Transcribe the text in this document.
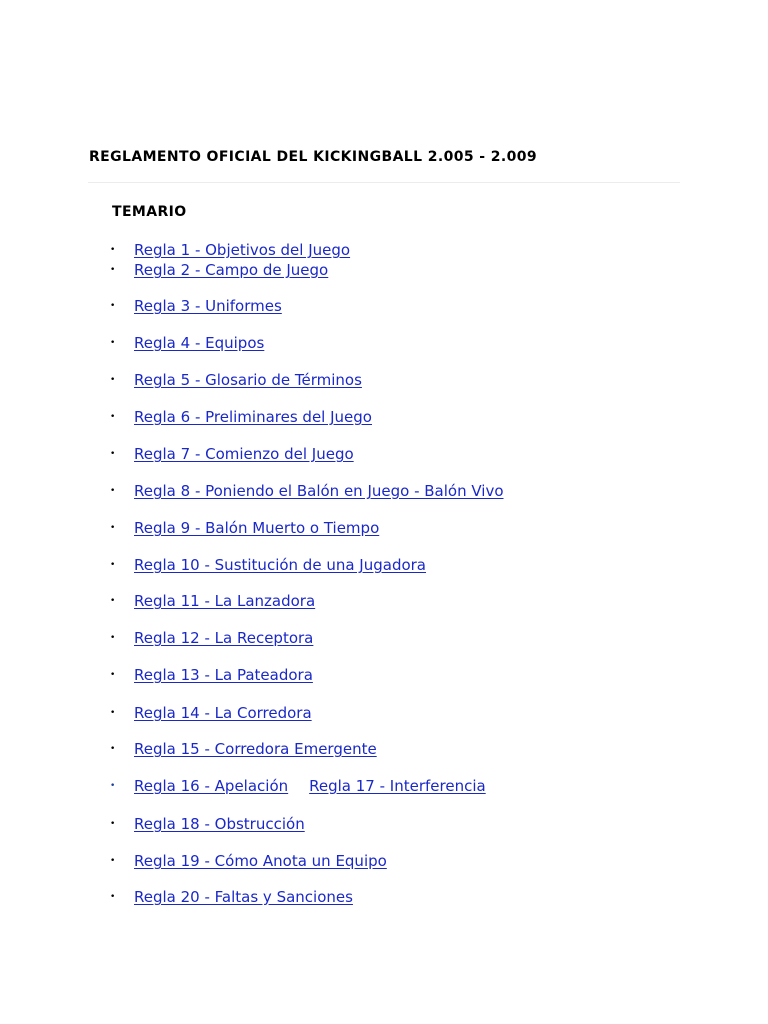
REGLAMENTO OFICIAL DEL KICKINGBALL 2.005 - 2.009
TEMARIO
• Regla 1 - Objetivos del Juego
• Regla 2 - Campo de Juego
• Regla 3 - Uniformes
• Regla 4 - Equipos
• Regla 5 - Glosario de Términos
• Regla 6 - Preliminares del Juego
• Regla 7 - Comienzo del Juego
• Regla 8 - Poniendo el Balón en Juego - Balón Vivo
• Regla 9 - Balón Muerto o Tiempo
• Regla 10 - Sustitución de una Jugadora
• Regla 11 - La Lanzadora
• Regla 12 - La Receptora
• Regla 13 - La Pateadora
• Regla 14 - La Corredora
• Regla 15 - Corredora Emergente
• Regla 16 - Apelación Regla 17 - Interferencia
• Regla 18 - Obstrucción
• Regla 19 - Cómo Anota un Equipo
• Regla 20 - Faltas y Sanciones
